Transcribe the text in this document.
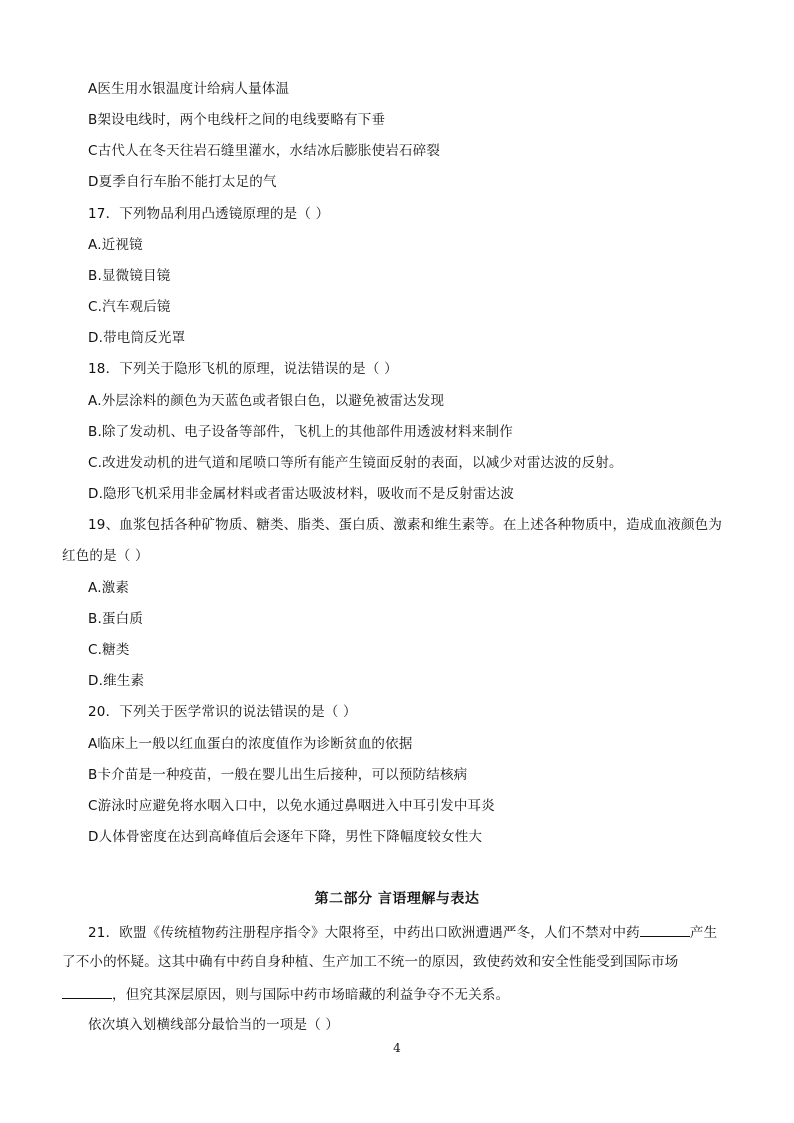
A医生用水银温度计给病人量体温
B架设电线时，两个电线杆之间的电线要略有下垂
C古代人在冬天往岩石缝里灌水，水结冰后膨胀使岩石碎裂
D夏季自行车胎不能打太足的气
17．下列物品利用凸透镜原理的是（ ）
A.近视镜
B.显微镜目镜
C.汽车观后镜
D.带电筒反光罩
18．下列关于隐形飞机的原理，说法错误的是（ ）
A.外层涂料的颜色为天蓝色或者银白色，以避免被雷达发现
B.除了发动机、电子设备等部件，飞机上的其他部件用透波材料来制作
C.改进发动机的进气道和尾喷口等所有能产生镜面反射的表面，以减少对雷达波的反射。
D.隐形飞机采用非金属材料或者雷达吸波材料，吸收而不是反射雷达波
19、血浆包括各种矿物质、糖类、脂类、蛋白质、激素和维生素等。在上述各种物质中，造成血液颜色为
红色的是（ ）
A.激素
B.蛋白质
C.糖类
D.维生素
20．下列关于医学常识的说法错误的是（ ）
A临床上一般以红血蛋白的浓度值作为诊断贫血的依据
B卡介苗是一种疫苗，一般在婴儿出生后接种，可以预防结核病
C游泳时应避免将水咽入口中，以免水通过鼻咽进入中耳引发中耳炎
D人体骨密度在达到高峰值后会逐年下降，男性下降幅度较女性大
第二部分 言语理解与表达
21．欧盟《传统植物药注册程序指令》大限将至，中药出口欧洲遭遇严冬，人们不禁对中药	产生
了不小的怀疑。这其中确有中药自身种植、生产加工不统一的原因，致使药效和安全性能受到国际市场
，但究其深层原因，则与国际中药市场暗藏的利益争夺不无关系。
依次填入划横线部分最恰当的一项是（ ）
4
